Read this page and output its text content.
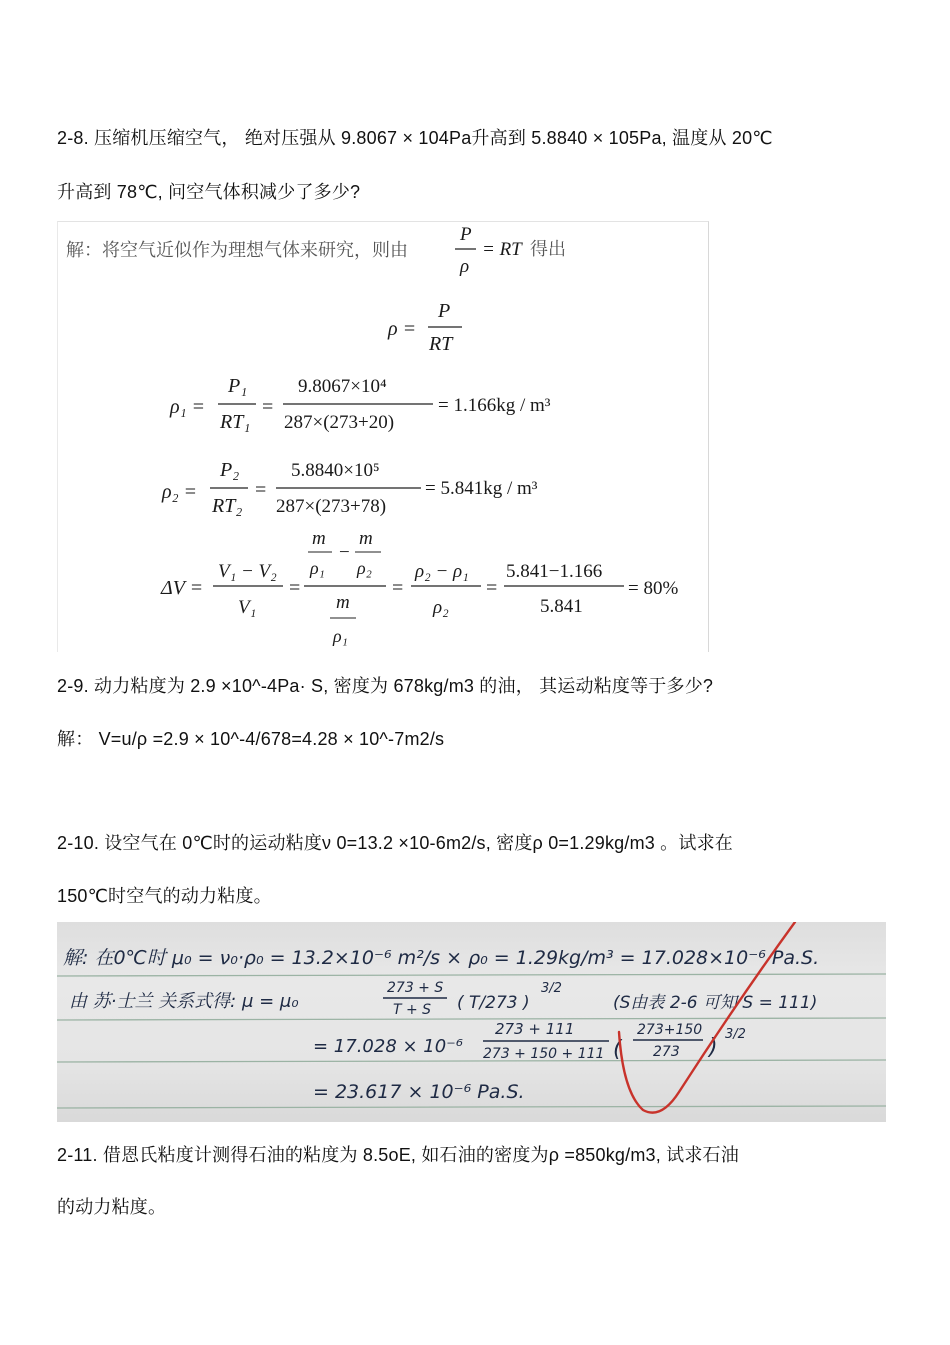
2-8. 压缩机压缩空气， 绝对压强从 9.8067 × 104Pa升高到 5.8840 × 105Pa, 温度从 20℃
升高到 78℃, 问空气体积减少了多少?
解：将空气近似作为理想气体来研究，则由
P
ρ
= RT 得出
ρ =
P
RT
ρ₁ =
P₁
RT₁
=
9.8067×10⁴
287×(273+20)
= 1.166kg / m³
ρ₂ =
P₂
RT₂
=
5.8840×10⁵
287×(273+78)
= 5.841kg / m³
ΔV =
V₁ − V₂
V₁
=
m
ρ₁
−
m
ρ₂
m
ρ₁
=
ρ₂ − ρ₁
ρ₂
=
5.841−1.166
5.841
= 80%
2-9. 动力粘度为 2.9 ×10^-4Pa· S, 密度为 678kg/m3 的油， 其运动粘度等于多少?
解： V=u/ρ =2.9 × 10^-4/678=4.28 × 10^-7m2/s
2-10. 设空气在 0℃时的运动粘度ν 0=13.2 ×10-6m2/s, 密度ρ 0=1.29kg/m3 。试求在
150℃时空气的动力粘度。
解: 在0℃时 μ₀ = ν₀·ρ₀ = 13.2×10⁻⁶ m²/s × ρ₀ = 1.29kg/m³ = 17.028×10⁻⁶ Pa.S.
由 苏·士兰 关系式得: μ = μ₀
273 + S
T + S ( T/273 )
3/2
(S由表 2-6 可知 S = 111)
= 17.028 × 10⁻⁶
273 + 111
273 + 150 + 111 (
273+150
273 )
3/2
= 23.617 × 10⁻⁶ Pa.S.
2-11. 借恩氏粘度计测得石油的粘度为 8.5oE, 如石油的密度为ρ =850kg/m3, 试求石油
的动力粘度。
